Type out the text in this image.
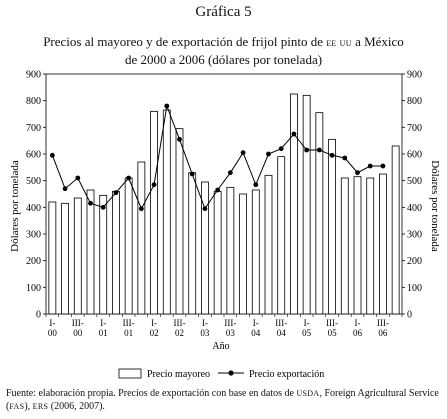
Gráfica 5
Precios al mayoreo y de exportación de frijol pinto de ee uu a México
de 2000 a 2006 (dólares por tonelada)
0
100
200
300
400
500
600
700
800
900
0
100
200
300
400
500
600
700
800
900
I-
00
III-
00
I-
01
III-
01
I-
02
III-
02
I-
03
III-
03
I-
04
III-
04
I-
05
III-
05
I-
06
III-
06
Dólares por tonelada	Dólares por tonelada
Año
Precio mayoreo	Precio exportación
Fuente: elaboración propia. Precios de exportación con base en datos de usda, Foreign Agricultural Service
(fas), ers (2006, 2007).
